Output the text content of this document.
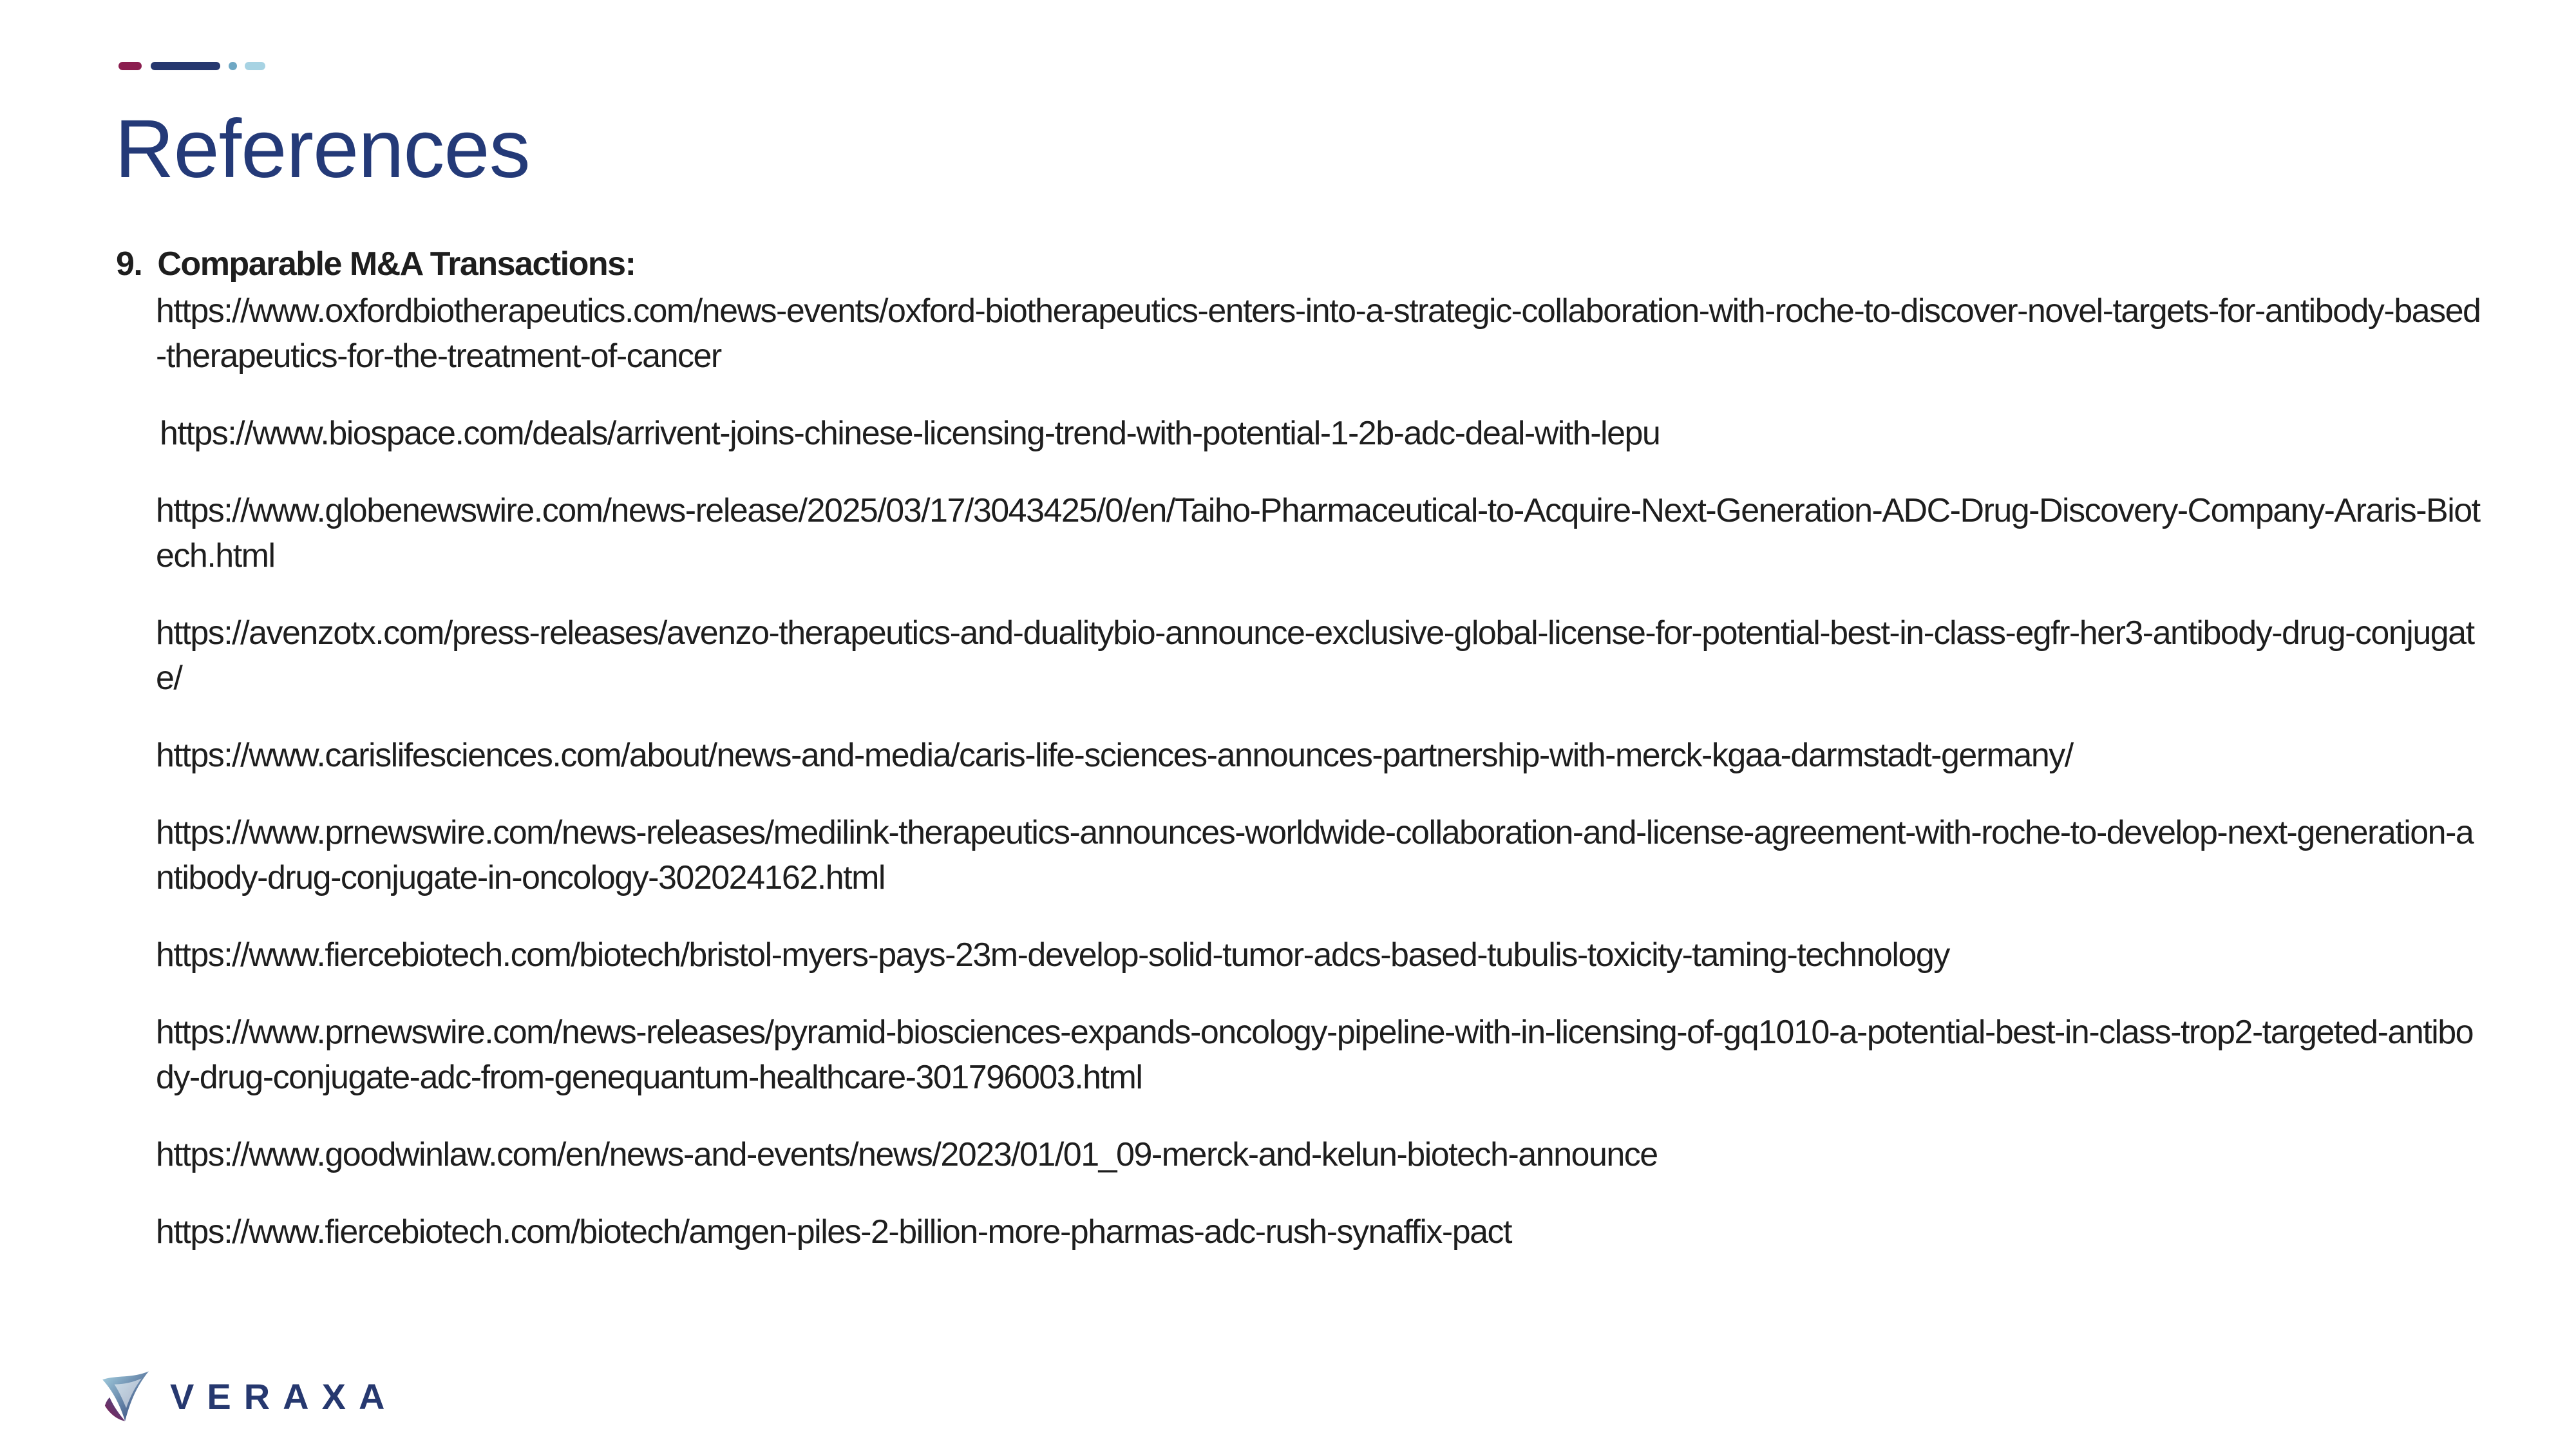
References
9. Comparable M&A Transactions:
https://www.oxfordbiotherapeutics.com/news-events/oxford-biotherapeutics-enters-into-a-strategic-collaboration-with-roche-to-discover-novel-targets-for-antibody-based-therapeutics-for-the-treatment-of-cancer
https://www.biospace.com/deals/arrivent-joins-chinese-licensing-trend-with-potential-1-2b-adc-deal-with-lepu
https://www.globenewswire.com/news-release/2025/03/17/3043425/0/en/Taiho-Pharmaceutical-to-Acquire-Next-Generation-ADC-Drug-Discovery-Company-Araris-Biotech.html
https://avenzotx.com/press-releases/avenzo-therapeutics-and-dualitybio-announce-exclusive-global-license-for-potential-best-in-class-egfr-her3-antibody-drug-conjugate/
https://www.carislifesciences.com/about/news-and-media/caris-life-sciences-announces-partnership-with-merck-kgaa-darmstadt-germany/
https://www.prnewswire.com/news-releases/medilink-therapeutics-announces-worldwide-collaboration-and-license-agreement-with-roche-to-develop-next-generation-antibody-drug-conjugate-in-oncology-302024162.html
https://www.fiercebiotech.com/biotech/bristol-myers-pays-23m-develop-solid-tumor-adcs-based-tubulis-toxicity-taming-technology
https://www.prnewswire.com/news-releases/pyramid-biosciences-expands-oncology-pipeline-with-in-licensing-of-gq1010-a-potential-best-in-class-trop2-targeted-antibody-drug-conjugate-adc-from-genequantum-healthcare-301796003.html
https://www.goodwinlaw.com/en/news-and-events/news/2023/01/01_09-merck-and-kelun-biotech-announce
https://www.fiercebiotech.com/biotech/amgen-piles-2-billion-more-pharmas-adc-rush-synaffix-pact
VERAXA
